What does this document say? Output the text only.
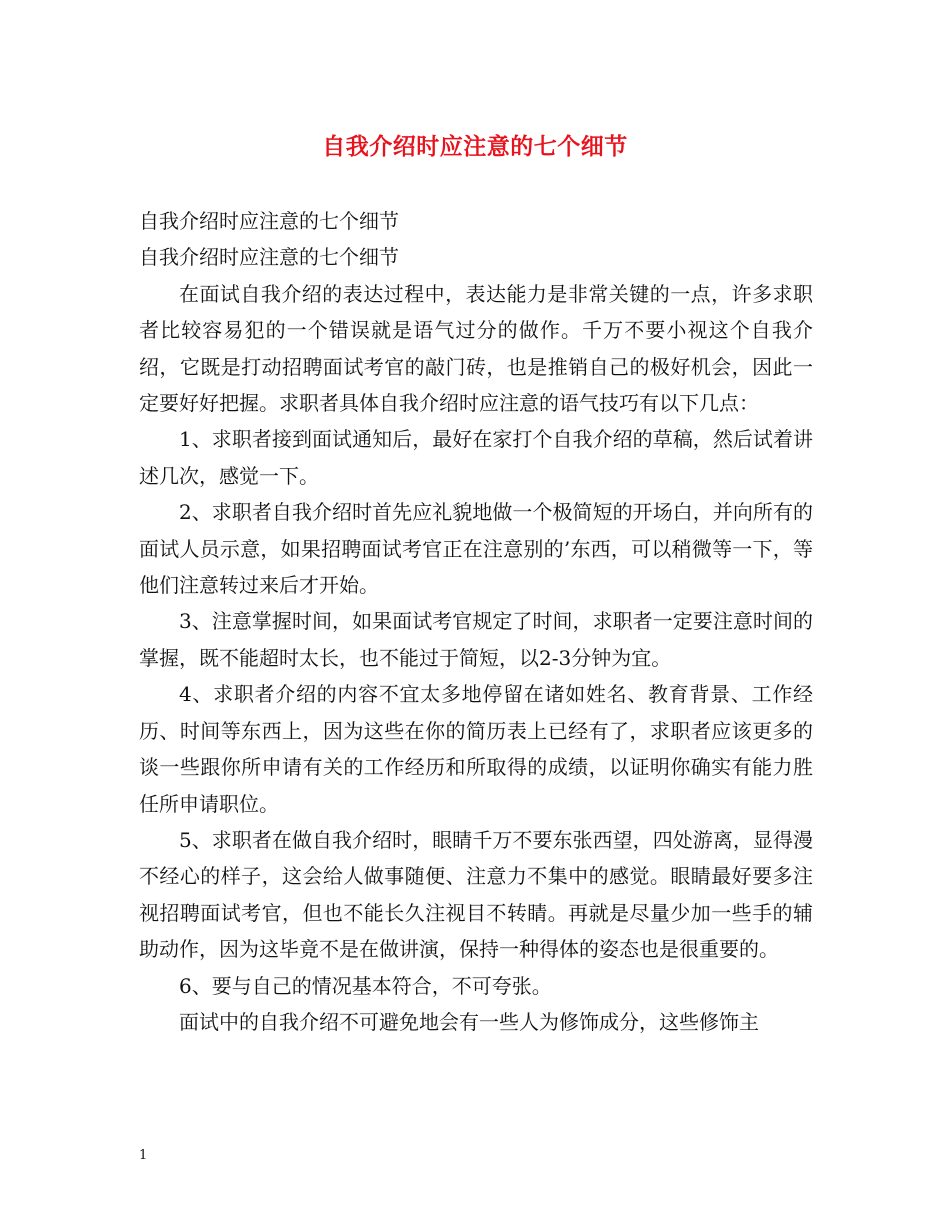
自我介绍时应注意的七个细节

自我介绍时应注意的七个细节

自我介绍时应注意的七个细节

在面试自我介绍的表达过程中，表达能力是非常关键的一点，许多求职者比较容易犯的一个错误就是语气过分的做作。千万不要小视这个自我介绍，它既是打动招聘面试考官的敲门砖，也是推销自己的极好机会，因此一定要好好把握。求职者具体自我介绍时应注意的语气技巧有以下几点：

1、求职者接到面试通知后，最好在家打个自我介绍的草稿，然后试着讲述几次，感觉一下。

2、求职者自我介绍时首先应礼貌地做一个极简短的开场白，并向所有的面试人员示意，如果招聘面试考官正在注意别的’东西，可以稍微等一下，等他们注意转过来后才开始。

3、注意掌握时间，如果面试考官规定了时间，求职者一定要注意时间的掌握，既不能超时太长，也不能过于简短，以2-3分钟为宜。

4、求职者介绍的内容不宜太多地停留在诸如姓名、教育背景、工作经历、时间等东西上，因为这些在你的简历表上已经有了，求职者应该更多的谈一些跟你所申请有关的工作经历和所取得的成绩，以证明你确实有能力胜任所申请职位。

5、求职者在做自我介绍时，眼睛千万不要东张西望，四处游离，显得漫不经心的样子，这会给人做事随便、注意力不集中的感觉。眼睛最好要多注视招聘面试考官，但也不能长久注视目不转睛。再就是尽量少加一些手的辅助动作，因为这毕竟不是在做讲演，保持一种得体的姿态也是很重要的。

6、要与自己的情况基本符合，不可夸张。

面试中的自我介绍不可避免地会有一些人为修饰成分，这些修饰主

1
